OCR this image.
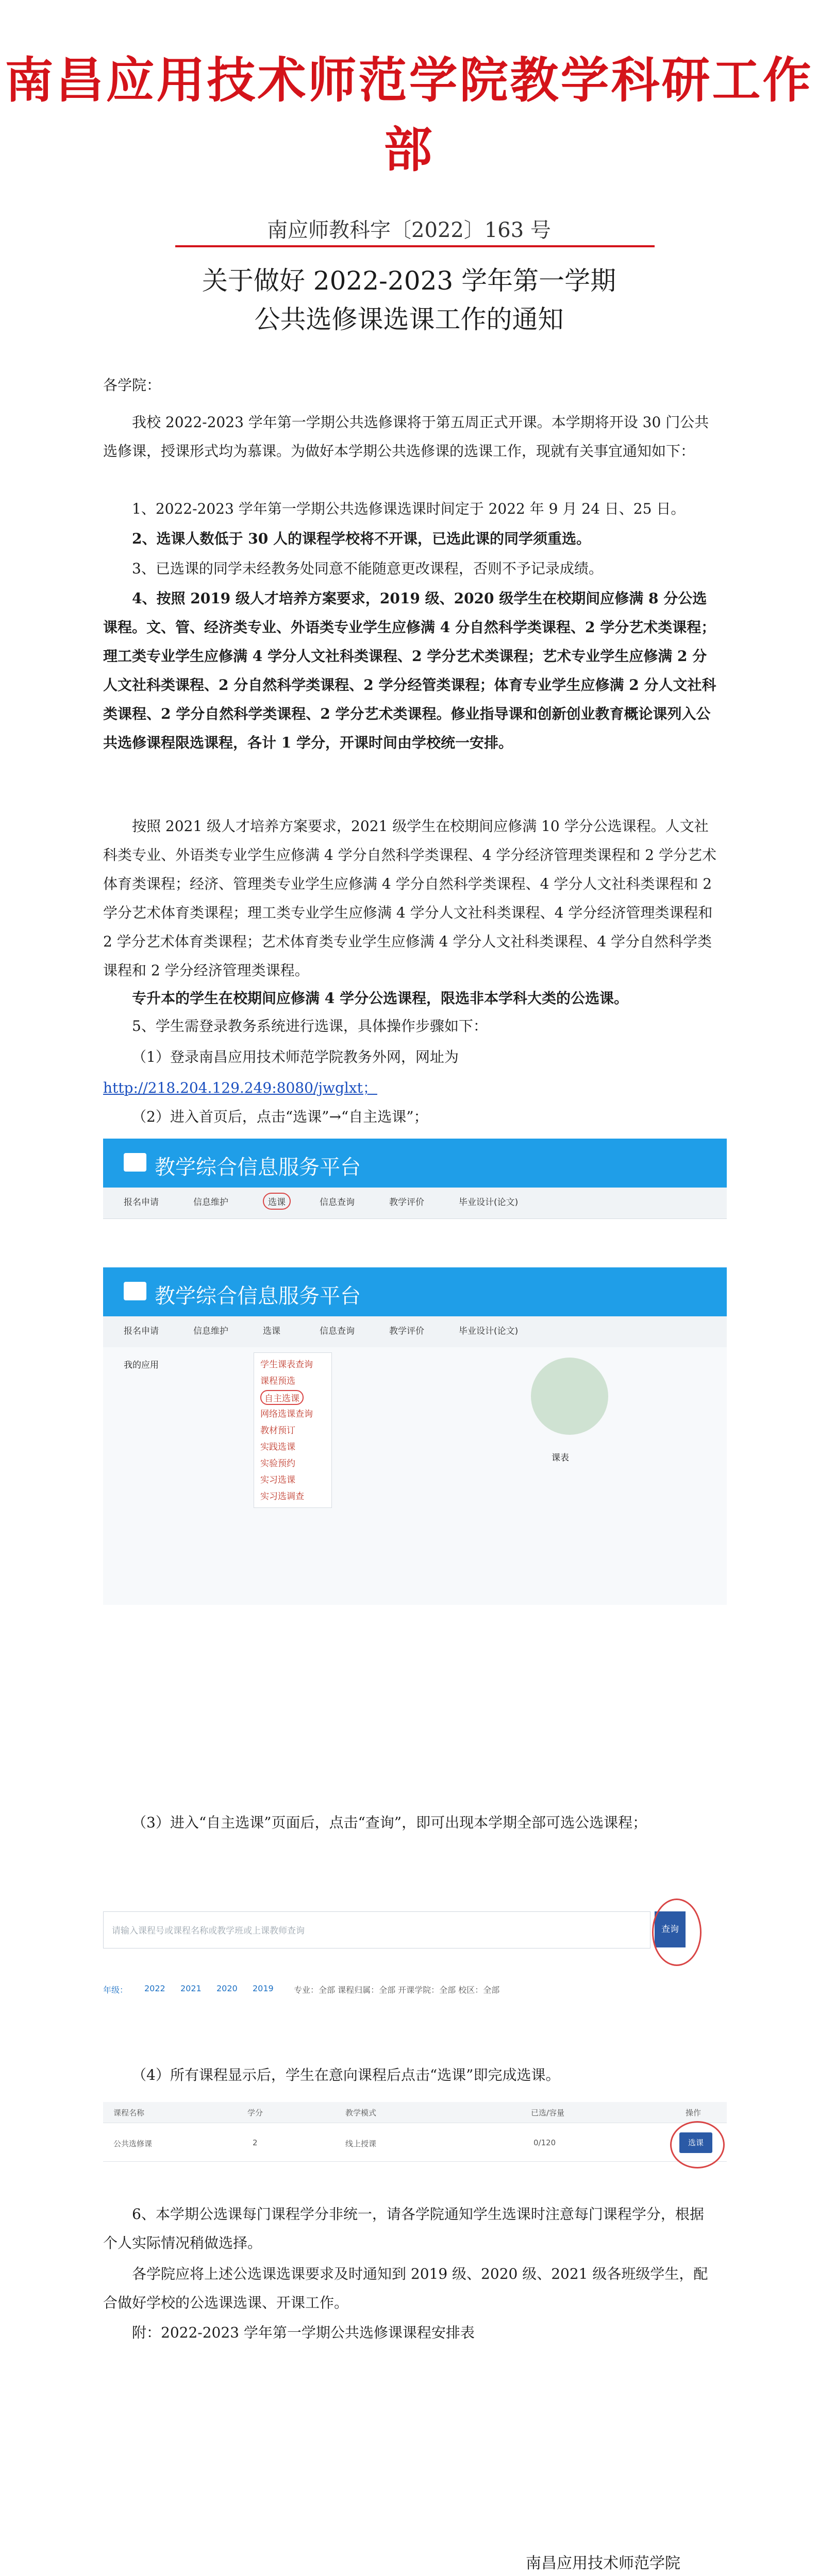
南昌应用技术师范学院教学科研工作部
南应师教科字〔2022〕163 号
关于做好 2022-2023 学年第一学期
公共选修课选课工作的通知
各学院：
我校 2022-2023 学年第一学期公共选修课将于第五周正式开课。本学期将开设 30 门公共选修课，授课形式均为慕课。为做好本学期公共选修课的选课工作，现就有关事宜通知如下：
1、2022-2023 学年第一学期公共选修课选课时间定于 2022 年 9 月 24 日、25 日。
2、选课人数低于 30 人的课程学校将不开课，已选此课的同学须重选。
3、已选课的同学未经教务处同意不能随意更改课程，否则不予记录成绩。
4、按照 2019 级人才培养方案要求，2019 级、2020 级学生在校期间应修满 8 分公选课程。文、管、经济类专业、外语类专业学生应修满 4 分自然科学类课程、2 学分艺术类课程；理工类专业学生应修满 4 学分人文社科类课程、2 学分艺术类课程；艺术专业学生应修满 2 分人文社科类课程、2 分自然科学类课程、2 学分经管类课程；体育专业学生应修满 2 分人文社科类课程、2 学分自然科学类课程、2 学分艺术类课程。修业指导课和创新创业教育概论课列入公共选修课程限选课程，各计 1 学分，开课时间由学校统一安排。
按照 2021 级人才培养方案要求，2021 级学生在校期间应修满 10 学分公选课程。人文社科类专业、外语类专业学生应修满 4 学分自然科学类课程、4 学分经济管理类课程和 2 学分艺术体育类课程；经济、管理类专业学生应修满 4 学分自然科学类课程、4 学分人文社科类课程和 2 学分艺术体育类课程；理工类专业学生应修满 4 学分人文社科类课程、4 学分经济管理类课程和 2 学分艺术体育类课程；艺术体育类专业学生应修满 4 学分人文社科类课程、4 学分自然科学类课程和 2 学分经济管理类课程。
专升本的学生在校期间应修满 4 学分公选课程，限选非本学科大类的公选课。
5、学生需登录教务系统进行选课，具体操作步骤如下：
（1）登录南昌应用技术师范学院教务外网，网址为
http://218.204.129.249:8080/jwglxt；
（2）进入首页后，点击“选课”→“自主选课”；
教学综合信息服务平台
报名申请	信息维护	选课	信息查询	教学评价	毕业设计(论文)
教学综合信息服务平台
报名申请	信息维护	选课	信息查询	教学评价	毕业设计(论文)
我的应用	学生课表查询
课程预选
自主选课
网络选课查询
教材预订
实践选课
实验预约
实习选课
实习选调查
课表
（3）进入“自主选课”页面后，点击“查询”，即可出现本学期全部可选公选课程；
请输入课程号或课程名称或教学班或上课教师查询	查询
年级： 2022 2021 2020 2019 专业：全部 课程归属：全部 开课学院：全部 校区：全部
（4）所有课程显示后，学生在意向课程后点击“选课”即完成选课。
课程名称	学分	教学模式	已选/容量	操作
公共选修课	2	线上授课	0/120	选课
6、本学期公选课每门课程学分非统一，请各学院通知学生选课时注意每门课程学分，根据个人实际情况稍做选择。
各学院应将上述公选课选课要求及时通知到 2019 级、2020 级、2021 级各班级学生，配合做好学校的公选课选课、开课工作。
附：2022-2023 学年第一学期公共选修课课程安排表
南昌应用技术师范学院
